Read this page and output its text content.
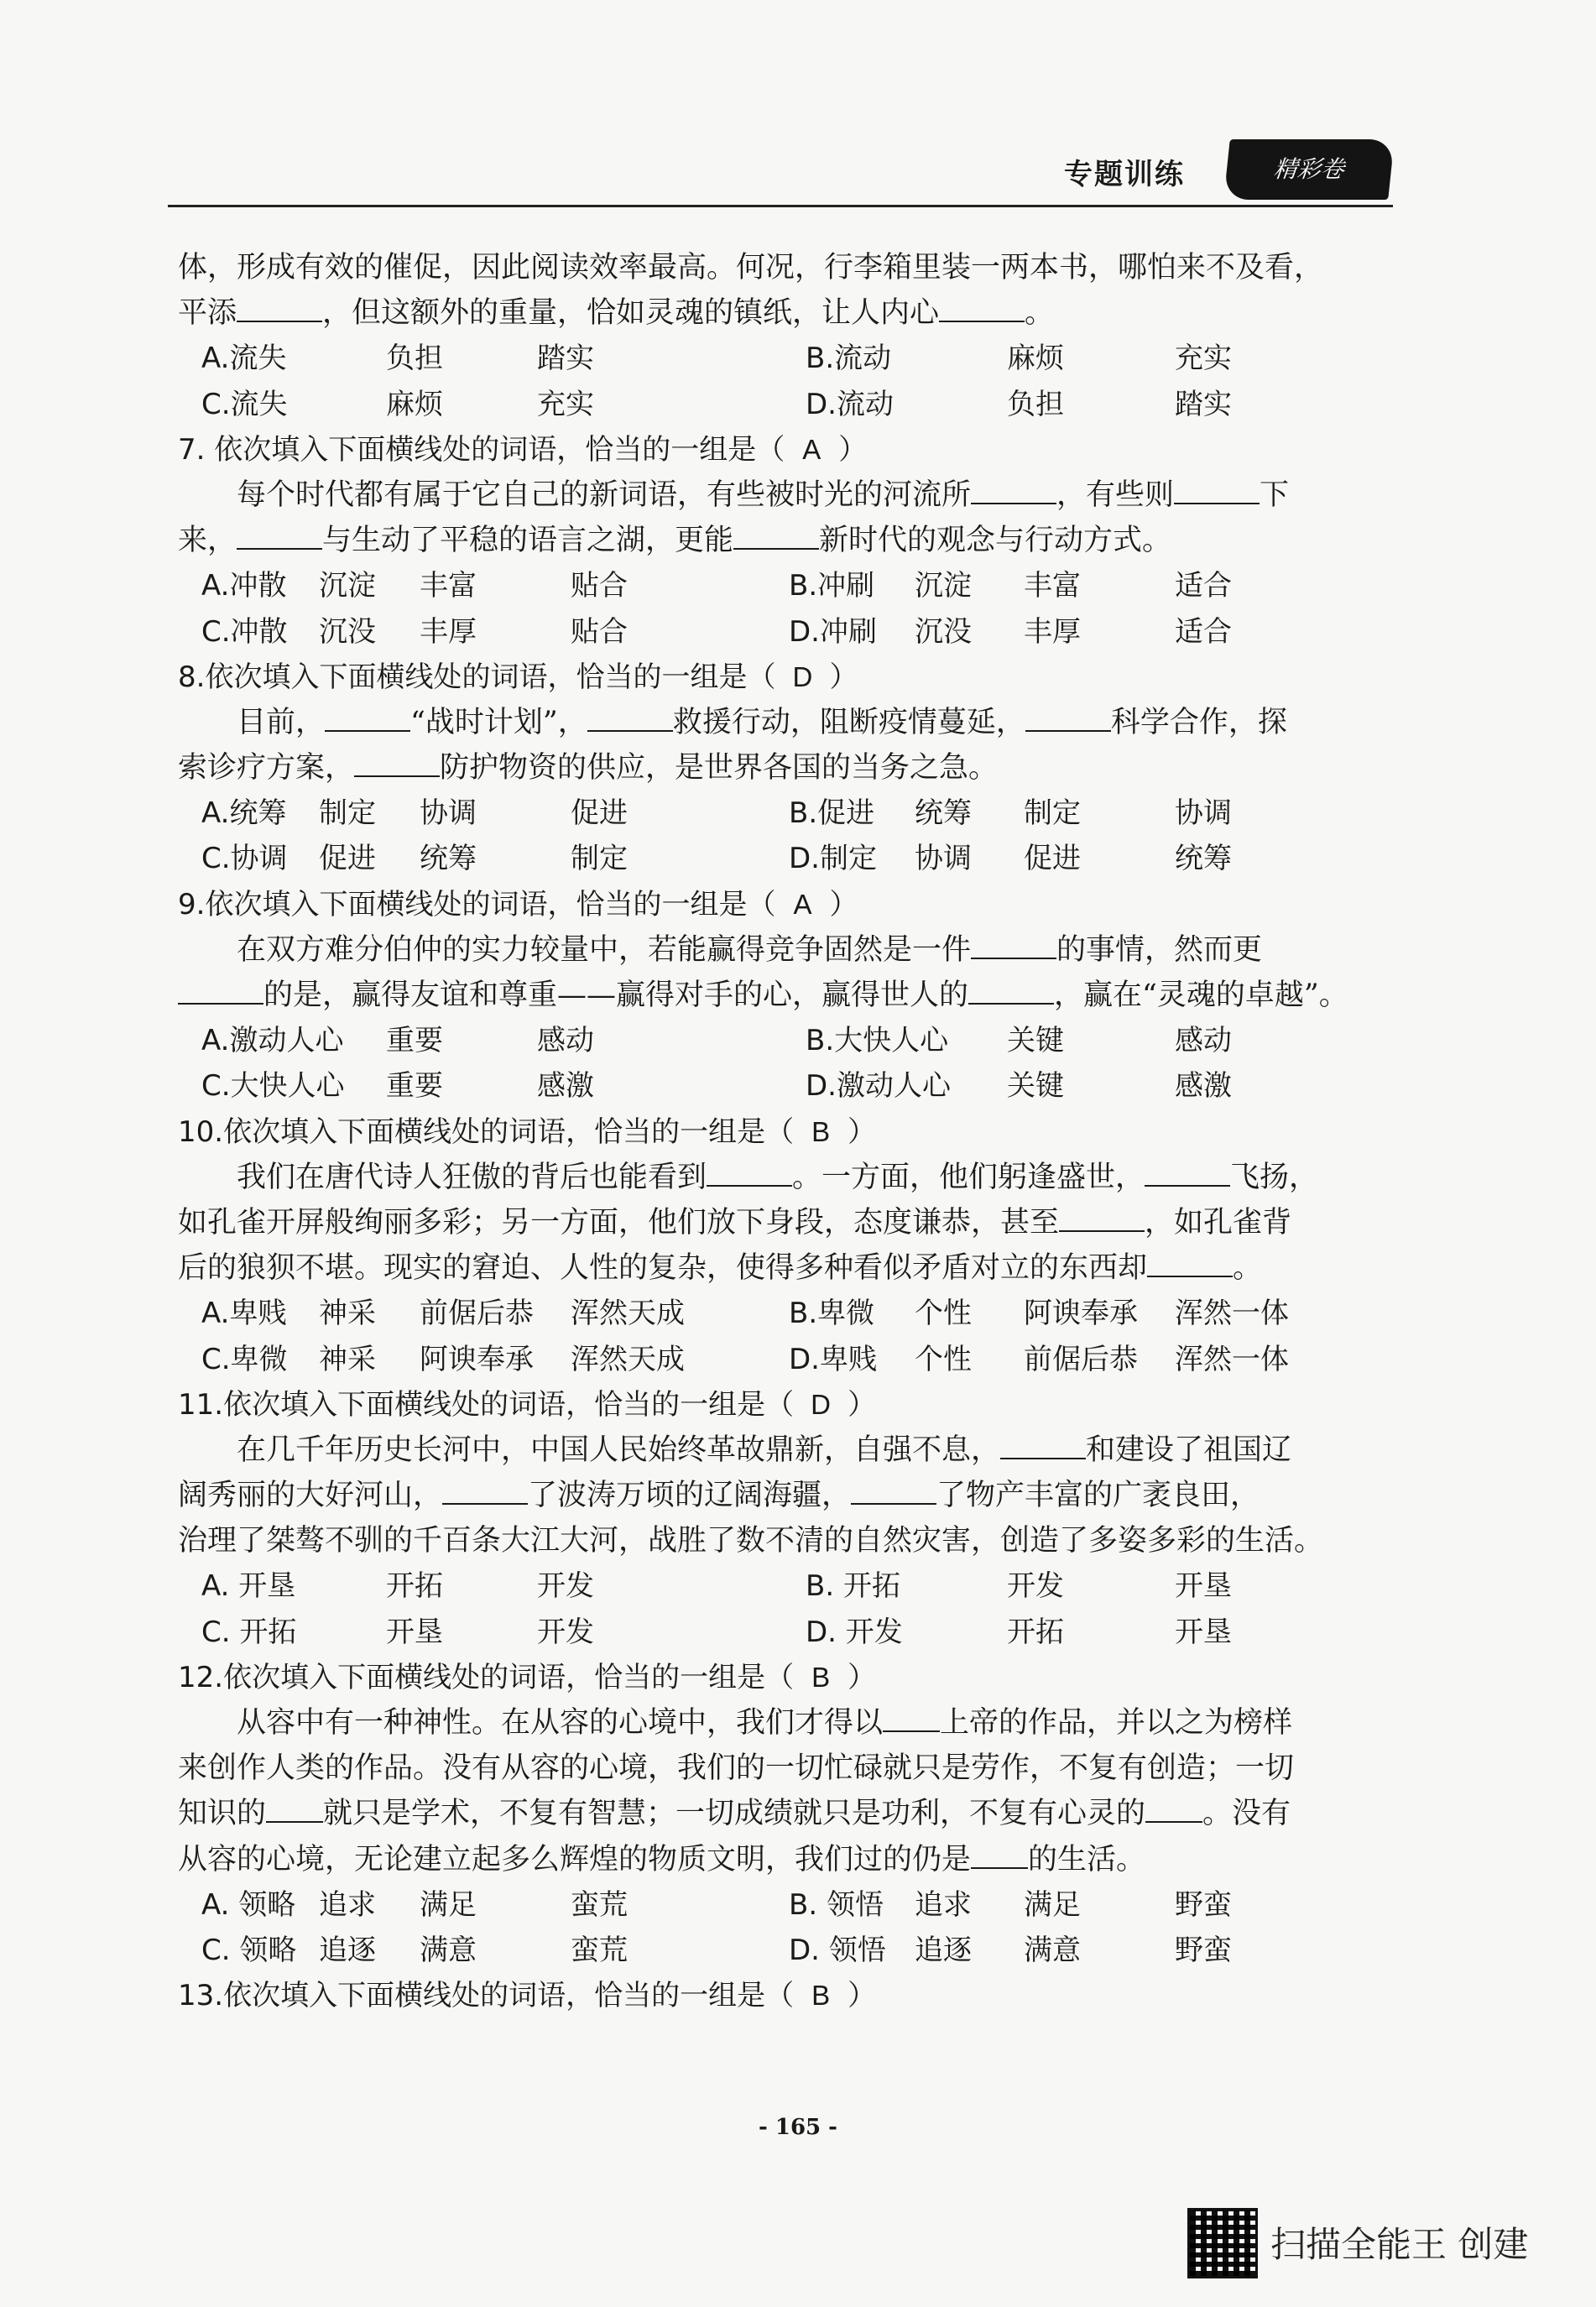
专题训练	精彩卷
体，形成有效的催促，因此阅读效率最高。何况，行李箱里装一两本书，哪怕来不及看，
平添	，但这额外的重量，恰如灵魂的镇纸，让人内心	。
A.流失	负担	踏实	B.流动	麻烦	充实
C.流失	麻烦	充实	D.流动	负担	踏实
7. 依次填入下面横线处的词语，恰当的一组是（ A ）
每个时代都有属于它自己的新词语，有些被时光的河流所	，有些则	下
来，	与生动了平稳的语言之湖，更能	新时代的观念与行动方式。
A.冲散 沉淀 丰富	贴合	B.冲刷 沉淀 丰富	适合
C.冲散 沉没 丰厚	贴合	D.冲刷 沉没 丰厚	适合
8.依次填入下面横线处的词语，恰当的一组是（ D ）
目前，	“战时计划”，	救援行动，阻断疫情蔓延，	科学合作，探
索诊疗方案，	防护物资的供应，是世界各国的当务之急。
A.统筹 制定 协调	促进	B.促进 统筹 制定	协调
C.协调 促进 统筹	制定	D.制定 协调 促进	统筹
9.依次填入下面横线处的词语，恰当的一组是（ A ）
在双方难分伯仲的实力较量中，若能赢得竞争固然是一件	的事情，然而更
的是，赢得友谊和尊重——赢得对手的心，赢得世人的	，赢在“灵魂的卓越”。
A.激动人心 重要	感动	B.大快人心 关键	感动
C.大快人心 重要	感激	D.激动人心 关键	感激
10.依次填入下面横线处的词语，恰当的一组是（ B ）
我们在唐代诗人狂傲的背后也能看到	。一方面，他们躬逢盛世，	飞扬，
如孔雀开屏般绚丽多彩；另一方面，他们放下身段，态度谦恭，甚至	，如孔雀背
后的狼狈不堪。现实的窘迫、人性的复杂，使得多种看似矛盾对立的东西却	。
A.卑贱 神采 前倨后恭 浑然天成	B.卑微 个性 阿谀奉承 浑然一体
C.卑微 神采 阿谀奉承 浑然天成	D.卑贱 个性 前倨后恭 浑然一体
11.依次填入下面横线处的词语，恰当的一组是（ D ）
在几千年历史长河中，中国人民始终革故鼎新，自强不息，	和建设了祖国辽
阔秀丽的大好河山，	了波涛万顷的辽阔海疆，	了物产丰富的广袤良田，
治理了桀骜不驯的千百条大江大河，战胜了数不清的自然灾害，创造了多姿多彩的生活。
A. 开垦	开拓	开发	B. 开拓	开发	开垦
C. 开拓	开垦	开发	D. 开发	开拓	开垦
12.依次填入下面横线处的词语，恰当的一组是（ B ）
从容中有一种神性。在从容的心境中，我们才得以 上帝的作品，并以之为榜样
来创作人类的作品。没有从容的心境，我们的一切忙碌就只是劳作，不复有创造；一切
知识的 就只是学术，不复有智慧；一切成绩就只是功利，不复有心灵的 。没有
从容的心境，无论建立起多么辉煌的物质文明，我们过的仍是 的生活。
A. 领略 追求 满足	蛮荒	B. 领悟 追求 满足	野蛮
C. 领略 追逐 满意	蛮荒	D. 领悟 追逐 满意	野蛮
13.依次填入下面横线处的词语，恰当的一组是（ B ）
- 165 -
扫描全能王 创建
